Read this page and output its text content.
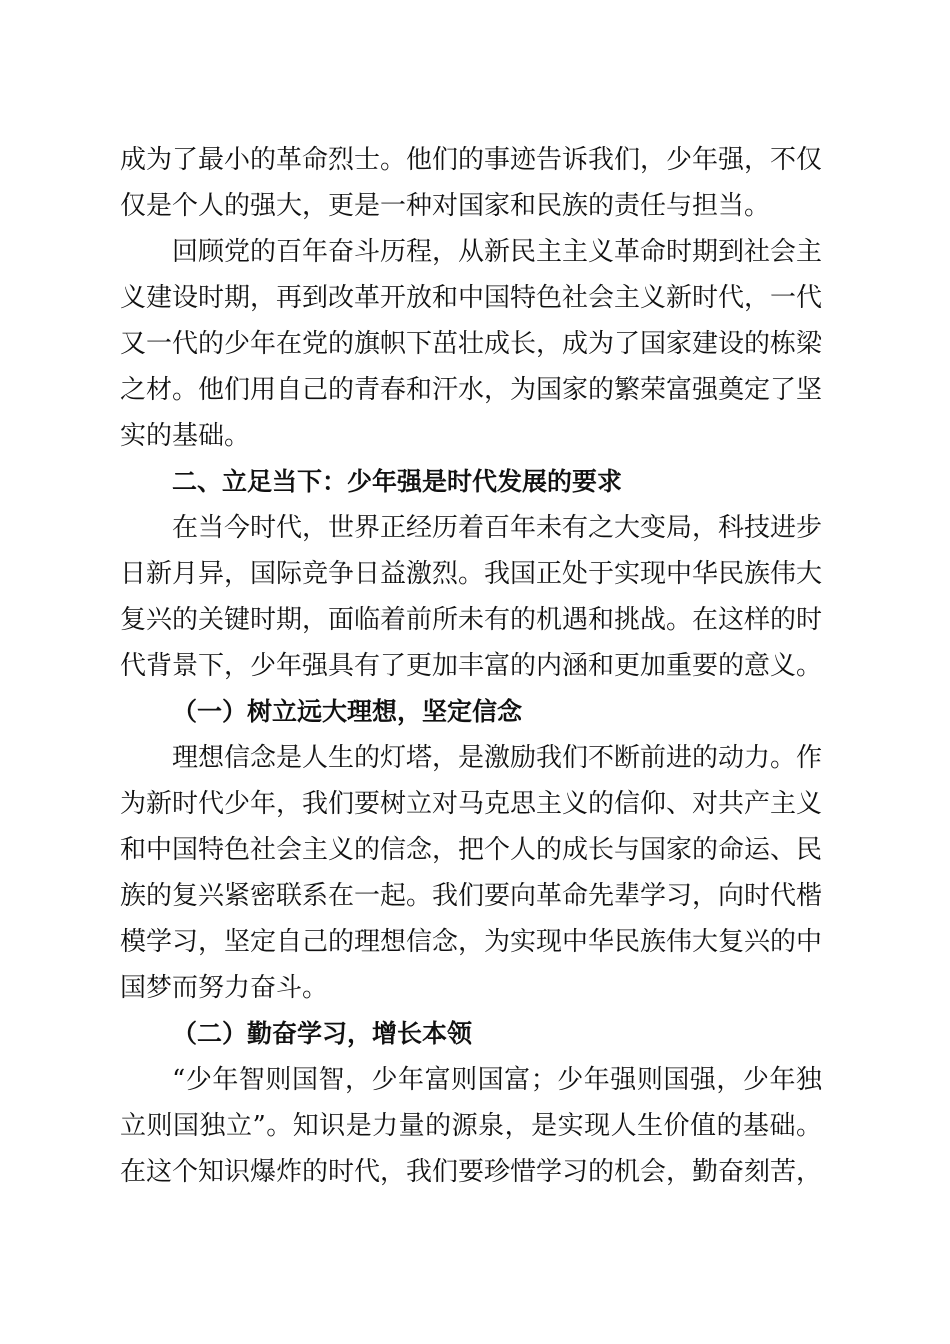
成为了最小的革命烈士。他们的事迹告诉我们，少年强，不仅
仅是个人的强大，更是一种对国家和民族的责任与担当。
回顾党的百年奋斗历程，从新民主主义革命时期到社会主
义建设时期，再到改革开放和中国特色社会主义新时代，一代
又一代的少年在党的旗帜下茁壮成长，成为了国家建设的栋梁
之材。他们用自己的青春和汗水，为国家的繁荣富强奠定了坚
实的基础。
二、立足当下：少年强是时代发展的要求
在当今时代，世界正经历着百年未有之大变局，科技进步
日新月异，国际竞争日益激烈。我国正处于实现中华民族伟大
复兴的关键时期，面临着前所未有的机遇和挑战。在这样的时
代背景下，少年强具有了更加丰富的内涵和更加重要的意义。
（一）树立远大理想，坚定信念
理想信念是人生的灯塔，是激励我们不断前进的动力。作
为新时代少年，我们要树立对马克思主义的信仰、对共产主义
和中国特色社会主义的信念，把个人的成长与国家的命运、民
族的复兴紧密联系在一起。我们要向革命先辈学习，向时代楷
模学习，坚定自己的理想信念，为实现中华民族伟大复兴的中
国梦而努力奋斗。
（二）勤奋学习，增长本领
“少年智则国智，少年富则国富；少年强则国强，少年独
立则国独立”。知识是力量的源泉，是实现人生价值的基础。
在这个知识爆炸的时代，我们要珍惜学习的机会，勤奋刻苦，
